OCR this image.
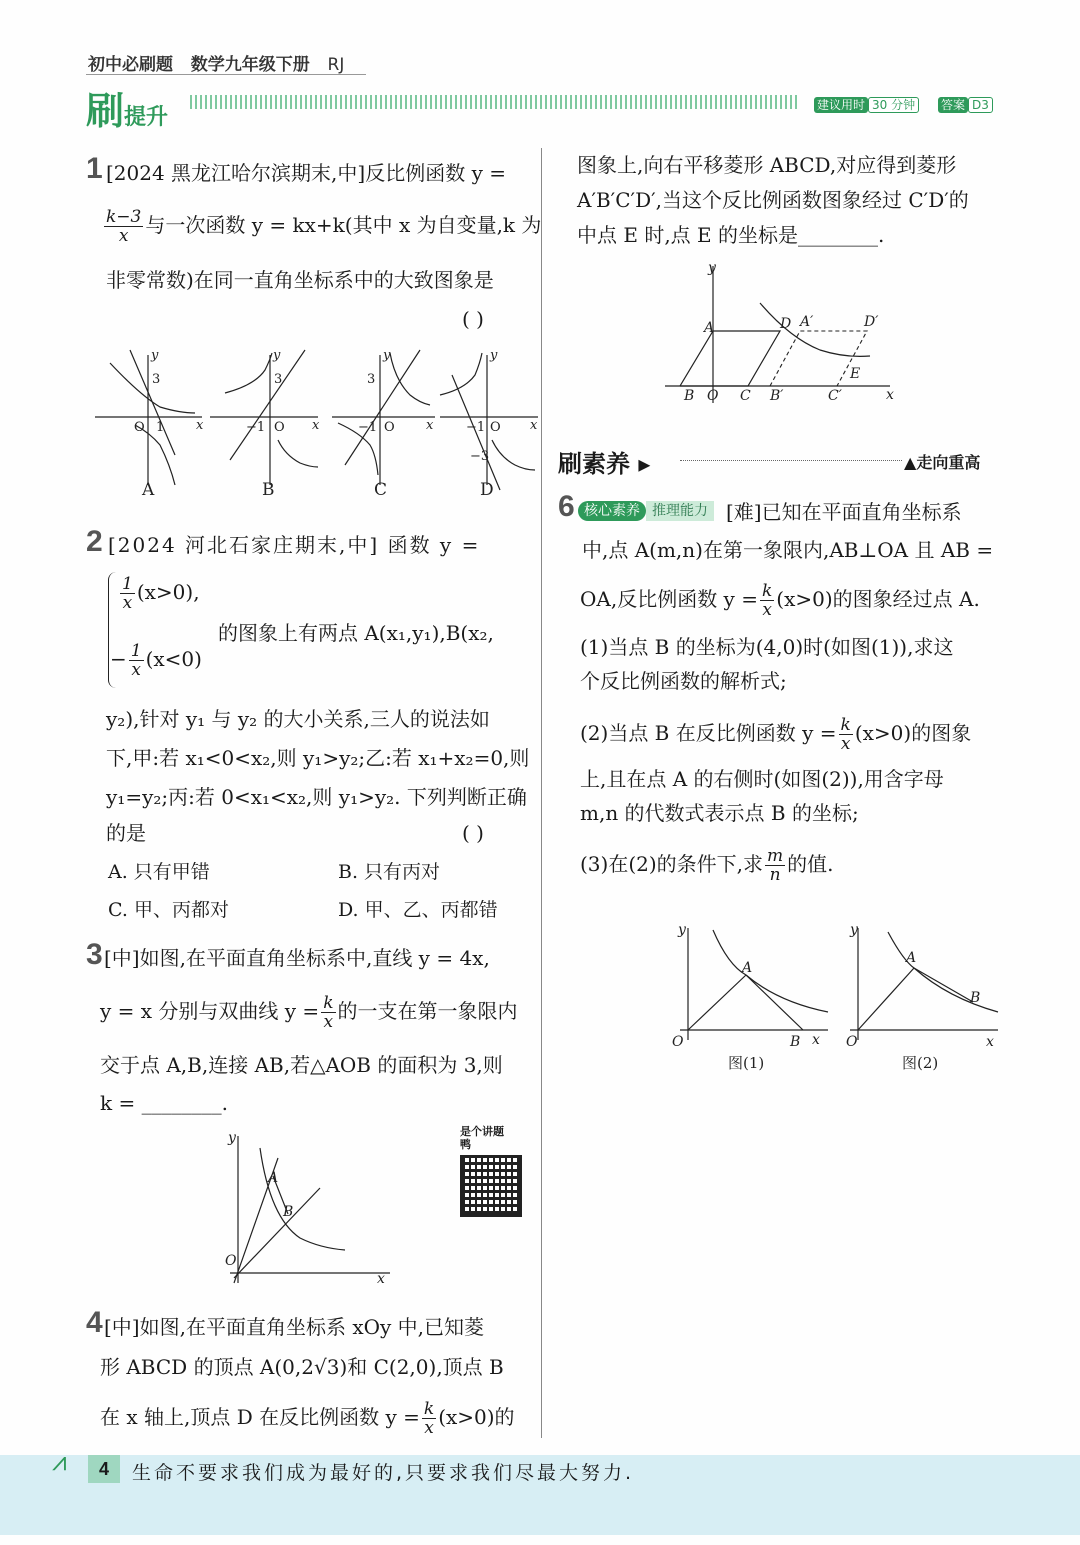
初中必刷题 数学九年级下册 RJ
刷提升	建议用时 30 分钟	答案 D3
1 [2024 黑龙江哈尔滨期末,中]反比例函数 y =
$\frac{k-3}{x}$ 与一次函数 y = kx+k(其中 x 为自变量,k 为
非零常数)在同一直角坐标系中的大致图象是
( )
y
x
y
x
y
x
y
x
O
3
1	O
3
−1	O
3
−1	O
−1
−3
A	B	C	D
2 [2024 河北石家庄期末,中] 函数 y =
$\frac{1}{x} (x>0)$,
− $\frac{1}{x} (x<0)$
的图象上有两点 A(x₁,y₁),B(x₂,
y₂),针对 y₁ 与 y₂ 的大小关系,三人的说法如
下,甲:若 x₁<0<x₂,则 y₁>y₂;乙:若 x₁+x₂=0,则
y₁=y₂;丙:若 0<x₁<x₂,则 y₁>y₂. 下列判断正确
的是	( )
A. 只有甲错	B. 只有丙对
C. 甲、丙都对	D. 甲、乙、丙都错
3 [中]如图,在平面直角坐标系中,直线 y = 4x,
y = x 分别与双曲线 $y = \frac{k}{x}$ 的一支在第一象限内
交于点 A,B,连接 AB,若△AOB 的面积为 3,则
k = ________.
y
x
O
A
B
是个讲题鸭
4 [中]如图,在平面直角坐标系 xOy 中,已知菱
形 ABCD 的顶点 A(0,2√3)和 C(2,0),顶点 B
在 x 轴上,顶点 D 在反比例函数 $y = \frac{k}{x} (x>0)$的
图象上,向右平移菱形 ABCD,对应得到菱形
A′B′C′D′,当这个反比例函数图象经过 C′D′的
中点 E 时,点 E 的坐标是________.
y
x
A
B O C B′	C′
D A′	D′
E
刷素养 ▸	▲走向重高
6 核心素养 推理能力 [难]已知在平面直角坐标系
中,点 A(m,n)在第一象限内,AB⊥OA 且 AB =
OA,反比例函数 $y = \frac{k}{x} (x>0)$的图象经过点 A.
(1)当点 B 的坐标为(4,0)时(如图(1)),求这
个反比例函数的解析式;
(2)当点 B 在反比例函数 $y = \frac{k}{x} (x>0)$的图象
上,且在点 A 的右侧时(如图(2)),用含字母
m,n 的代数式表示点 B 的坐标;
(3)在(2)的条件下,求 $\frac{m}{n}$ 的值.
y
x
O
A
B
y
x
O
A
B
图(1)	图(2)
⩘	4	生命不要求我们成为最好的,只要求我们尽最大努力.
